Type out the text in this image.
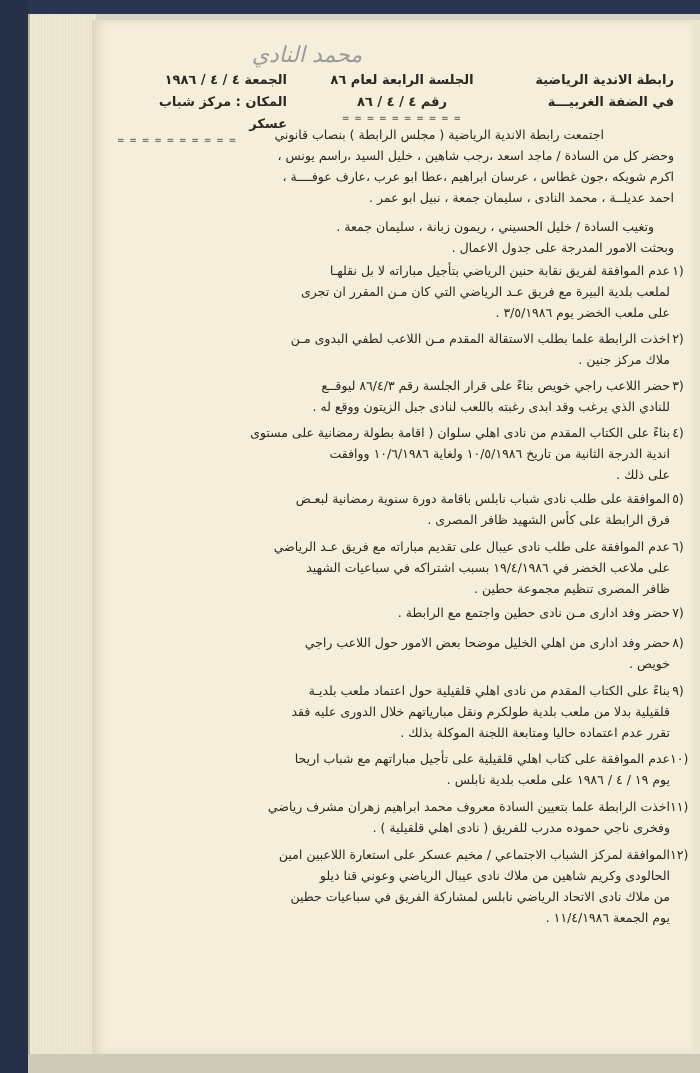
محمد النادي
رابطة الاندية الرياضية
في الضفة الغربيـــة
الجلسة الرابعة لعام ٨٦
رقم ٤ / ٤ / ٨٦
= = = = = = = = = =
الجمعة ٤ / ٤ / ١٩٨٦
المكان : مركز شباب عسكر
= = = = = = = = = =	اجتمعت رابطة الاندية الرياضية ( مجلس الرابطة ) بنصاب قانوني
وحضر كل من السادة / ماجد اسعد ،رجب شاهين ، خليل السيد ،راسم يونس ،
اكرم شويكه ،جون غطاس ، عرسان ابراهيم ،عطا ابو عرب ،عارف عوفــــة ،
احمد عديلــة ، محمد النادى ، سليمان جمعة ، نبيل ابو عمر .
وتغيب السادة / خليل الحسيني ، ريمون زبانة ، سليمان جمعة .
وبحثت الامور المدرجة على جدول الاعمال .
١)
عدم الموافقة لفريق نقابة حنين الرياضي بتأجيل مباراته لا بل نقلهـا
لملعب بلدية البيرة مع فريق عـد الرياضي التي كان مـن المقرر ان تجرى
على ملعب الخضر يوم ٣/٥/١٩٨٦ .
٢)
اخذت الرابطة علما بطلب الاستقالة المقدم مـن اللاعب لطفي البدوى مـن
ملاك مركز جنين .
٣)
حضر اللاعب راجي خويص بناءً على قرار الجلسة رقم ٨٦/٤/٣ ليوقــع
للنادي الذي يرغب وقد ابدى رغبته باللعب لنادى جبل الزيتون ووقع له .
٤)
بناءً على الكتاب المقدم من نادى اهلي سلوان ( اقامة بطولة رمضانية على مستوى
اندية الدرجة الثانية من تاريخ ١٠/٥/١٩٨٦ ولغاية ١٠/٦/١٩٨٦ ووافقت
على ذلك .
٥)
الموافقة على طلب نادى شباب نابلس باقامة دورة سنوية رمضانية لبعـض
فرق الرابطة على كأس الشهيد ظافر المصرى .
٦)
عدم الموافقة على طلب نادى عيبال على تقديم مباراته مع فريق عـد الرياضي
على ملاعب الخضر في ١٩/٤/١٩٨٦ بسبب اشتراكه في سباعيات الشهيد
ظافر المصرى تنظيم مجموعة حطين .
٧)
حضر وفد ادارى مـن نادى حطين واجتمع مع الرابطة .
٨)
حضر وفد ادارى من اهلي الخليل موضحا بعض الامور حول اللاعب راجي
خويص .
٩)
بناءً على الكتاب المقدم من نادى اهلي قلقيلية حول اعتماد ملعب بلديـة
قلقيلية بدلا من ملعب بلدية طولكرم ونقل مبارياتهم خلال الدورى عليه فقد
تقرر عدم اعتماده حاليا ومتابعة اللجنة الموكلة بذلك .
١٠)
عدم الموافقة على كتاب اهلي قلقيلية على تأجيل مباراتهم مع شباب اريحا
يوم ١٩ / ٤ / ١٩٨٦ على ملعب بلدية نابلس .
١١)
اخذت الرابطة علما بتعيين السادة معروف محمد ابراهيم زهران مشرف رياضي
وفخرى ناجي حموده مدرب للفريق ( نادى اهلي قلقيلية ) .
١٢)
الموافقة لمركز الشباب الاجتماعي / مخيم عسكر على استعارة اللاعبين امين
الحالودى وكريم شاهين من ملاك نادى عيبال الرياضي وعوني قنا ديلو
من ملاك نادى الاتحاد الرياضي نابلس لمشاركة الفريق في سباعيات حطين
يوم الجمعة ١١/٤/١٩٨٦ .
